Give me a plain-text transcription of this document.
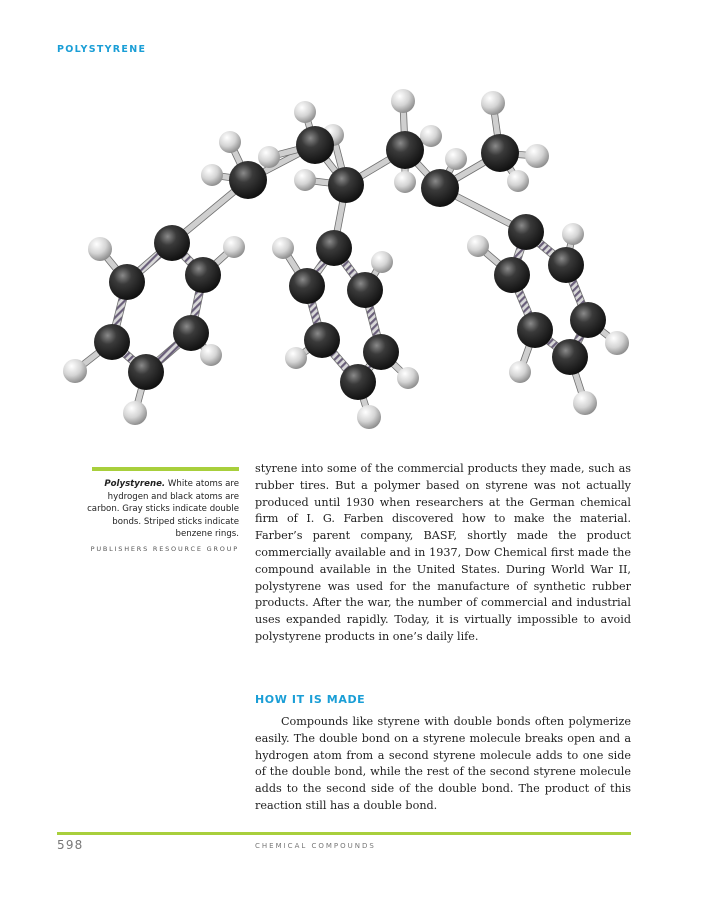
POLYSTYRENE
Polystyrene. White atoms are hydrogen and black atoms are carbon. Gray sticks indicate double bonds. Striped sticks indicate benzene rings.
PUBLISHERS RESOURCE GROUP

styrene into some of the commercial products they made, such as rubber tires. But a polymer based on styrene was not actually produced until 1930 when researchers at the German chemical firm of I. G. Farben discovered how to make the material. Farber’s parent company, BASF, shortly made the product commercially available and in 1937, Dow Chemical first made the compound available in the United States. During World War II, polystyrene was used for the manufacture of synthetic rubber products. After the war, the number of commercial and industrial uses expanded rapidly. Today, it is virtually impossible to avoid polystyrene products in one’s daily life.

HOW IT IS MADE

Compounds like styrene with double bonds often polymerize easily. The double bond on a styrene molecule breaks open and a hydrogen atom from a second styrene molecule adds to one side of the double bond, while the rest of the second styrene molecule adds to the second side of the double bond. The product of this reaction still has a double bond.

598	CHEMICAL COMPOUNDS
